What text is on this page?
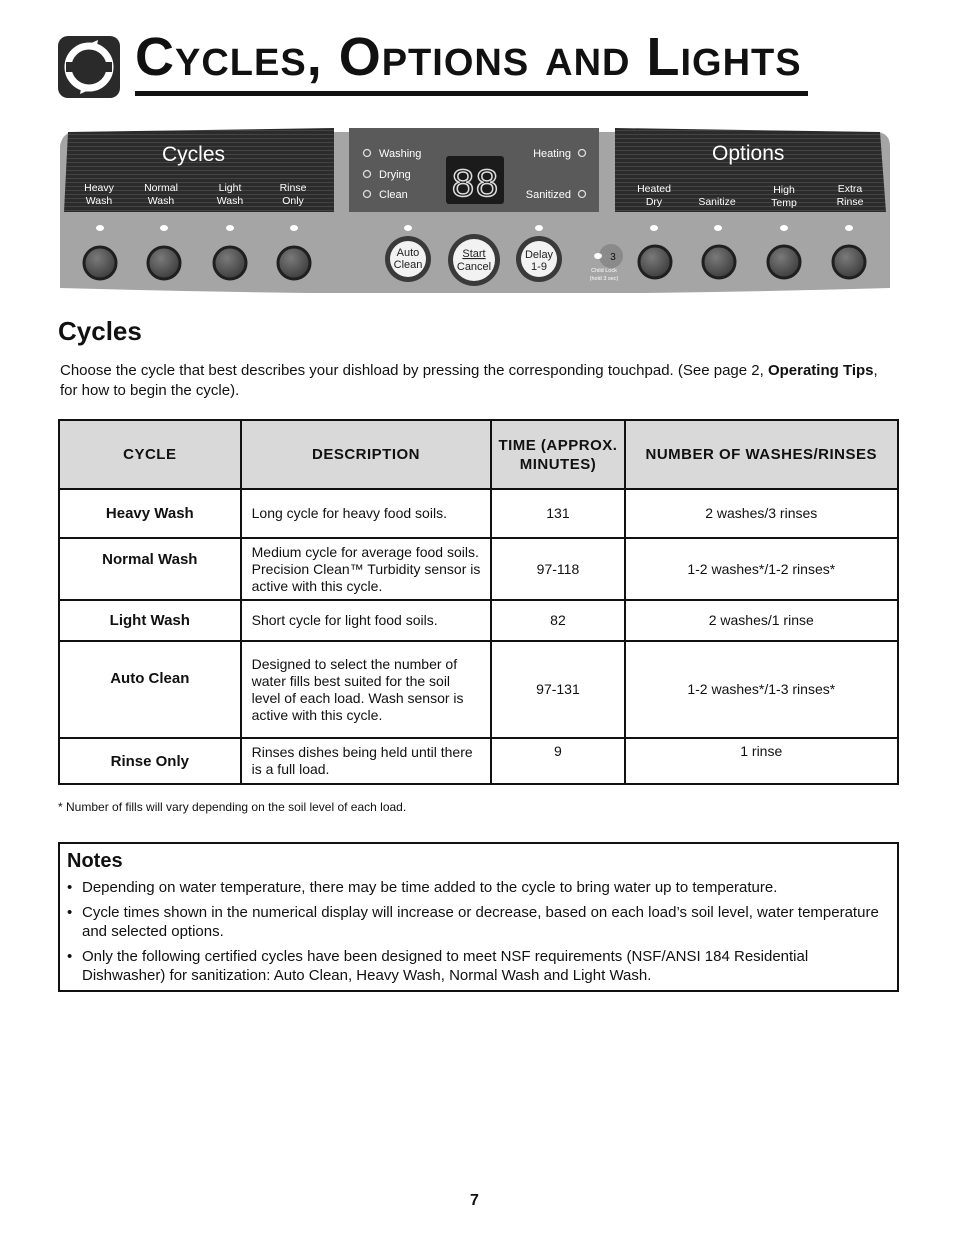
Cycles, Options and Lights
Cycles	Options
Heavy
Wash
Normal
Wash
Light
Wash
Rinse
Only
Washing
Drying
Clean
Heating
Sanitized
88	Heated
Dry	Sanitize
High
Temp
Extra
Rinse
Auto
Clean
Start
Cancel
Delay
1-9
3
Child Lock
(hold 3 sec)
Cycles
Choose the cycle that best describes your dishload by pressing the corresponding touchpad. (See page 2, Operating Tips, for how to begin the cycle).
CYCLE	DESCRIPTION	TIME (APPROX. MINUTES)	NUMBER OF WASHES/RINSES
Heavy Wash	Long cycle for heavy food soils.	131	2 washes/3 rinses
Normal Wash	Medium cycle for average food soils. Precision Clean™ Turbidity sensor is active with this cycle.	97-118	1-2 washes*/1-2 rinses*
Light Wash	Short cycle for light food soils.	82	2 washes/1 rinse
Auto Clean	Designed to select the number of water fills best suited for the soil level of each load. Wash sensor is active with this cycle.	97-131	1-2 washes*/1-3 rinses*
Rinse Only	Rinses dishes being held until there is a full load.	9	1 rinse
* Number of fills will vary depending on the soil level of each load.
Notes
• Depending on water temperature, there may be time added to the cycle to bring water up to temperature.
• Cycle times shown in the numerical display will increase or decrease, based on each load’s soil level, water temperature and selected options.
• Only the following certified cycles have been designed to meet NSF requirements (NSF/ANSI 184 Residential Dishwasher) for sanitization: Auto Clean, Heavy Wash, Normal Wash and Light Wash.
7
